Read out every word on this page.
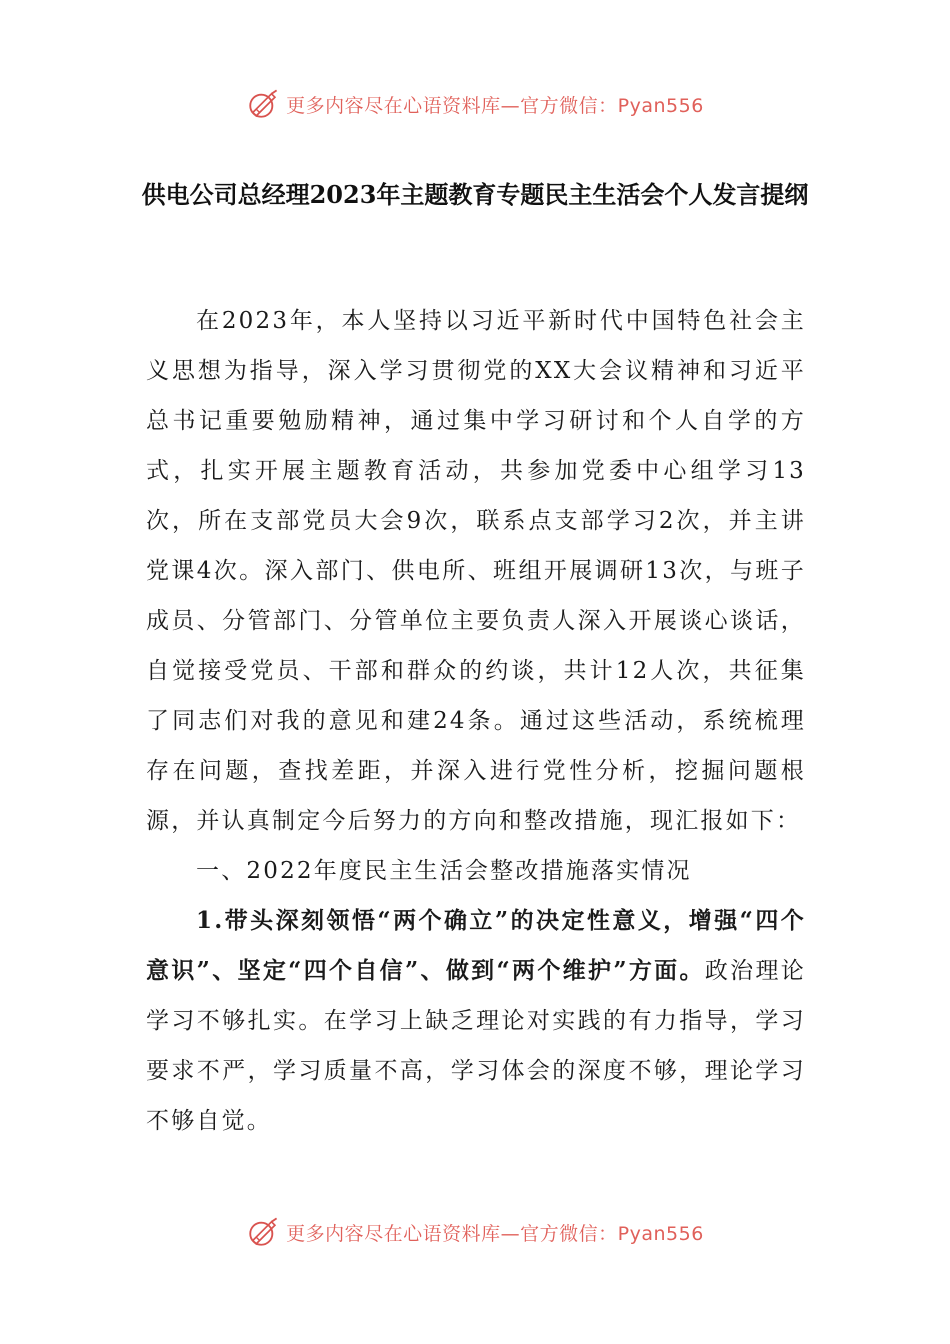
更多内容尽在心语资料库—官方微信：Pyan556
供电公司总经理2023年主题教育专题民主生活会个人发言提纲

在2023年，本人坚持以习近平新时代中国特色社会主义思想为指导，深入学习贯彻党的XX大会议精神和习近平总书记重要勉励精神，通过集中学习研讨和个人自学的方式，扎实开展主题教育活动，共参加党委中心组学习13次，所在支部党员大会9次，联系点支部学习2次，并主讲党课4次。深入部门、供电所、班组开展调研13次，与班子成员、分管部门、分管单位主要负责人深入开展谈心谈话，自觉接受党员、干部和群众的约谈，共计12人次，共征集了同志们对我的意见和建24条。通过这些活动，系统梳理存在问题，查找差距，并深入进行党性分析，挖掘问题根源，并认真制定今后努力的方向和整改措施，现汇报如下：

一、2022年度民主生活会整改措施落实情况

1.带头深刻领悟“两个确立”的决定性意义，增强“四个意识”、坚定“四个自信”、做到“两个维护”方面。政治理论学习不够扎实。在学习上缺乏理论对实践的有力指导，学习要求不严，学习质量不高，学习体会的深度不够，理论学习不够自觉。

更多内容尽在心语资料库—官方微信：Pyan556
